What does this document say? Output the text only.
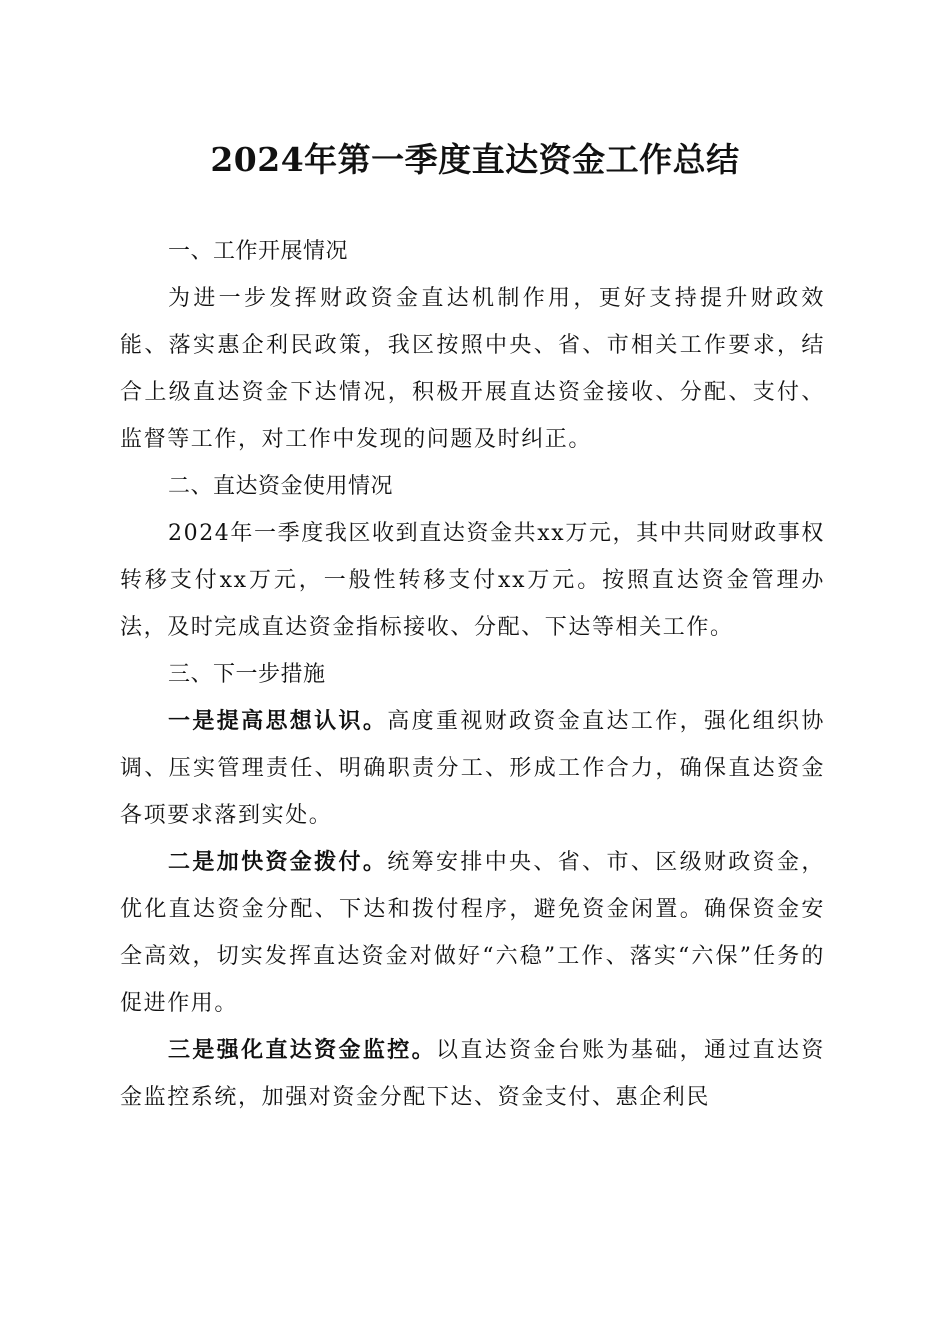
2024年第一季度直达资金工作总结

一、工作开展情况

为进一步发挥财政资金直达机制作用，更好支持提升财政效能、落实惠企利民政策，我区按照中央、省、市相关工作要求，结合上级直达资金下达情况，积极开展直达资金接收、分配、支付、监督等工作，对工作中发现的问题及时纠正。

二、直达资金使用情况

2024年一季度我区收到直达资金共xx万元，其中共同财政事权转移支付xx万元，一般性转移支付xx万元。按照直达资金管理办法，及时完成直达资金指标接收、分配、下达等相关工作。

三、下一步措施

一是提高思想认识。高度重视财政资金直达工作，强化组织协调、压实管理责任、明确职责分工、形成工作合力，确保直达资金各项要求落到实处。

二是加快资金拨付。统筹安排中央、省、市、区级财政资金，优化直达资金分配、下达和拨付程序，避免资金闲置。确保资金安全高效，切实发挥直达资金对做好“六稳”工作、落实“六保”任务的促进作用。

三是强化直达资金监控。以直达资金台账为基础，通过直达资金监控系统，加强对资金分配下达、资金支付、惠企利民
